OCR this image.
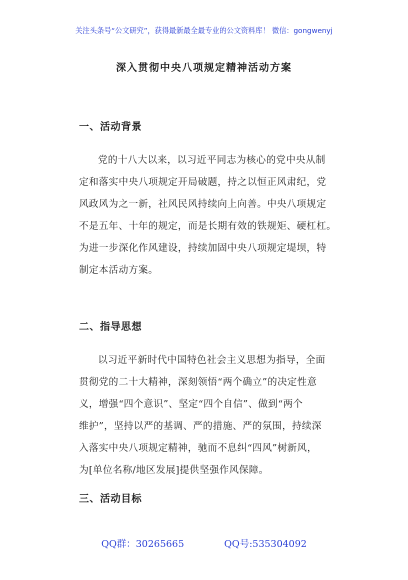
关注头条号“公文研究”，获得最新最全最专业的公文资料库！ 微信：gongwenyj
深入贯彻中央八项规定精神活动方案
一、活动背景
党的十八大以来，以习近平同志为核心的党中央从制
定和落实中央八项规定开局破题，持之以恒正风肃纪，党
风政风为之一新，社风民风持续向上向善。中央八项规定
不是五年、十年的规定，而是长期有效的铁规矩、硬杠杠。
为进一步深化作风建设，持续加固中央八项规定堤坝，特
制定本活动方案。
二、指导思想
以习近平新时代中国特色社会主义思想为指导，全面
贯彻党的二十大精神，深刻领悟“两个确立”的决定性意
义，增强“四个意识”、坚定“四个自信”、做到“两个
维护”，坚持以严的基调、严的措施、严的氛围，持续深
入落实中央八项规定精神，驰而不息纠“四风”树新风，
为[单位名称/地区发展]提供坚强作风保障。
三、活动目标
QQ群：30265665	QQ号:535304092
